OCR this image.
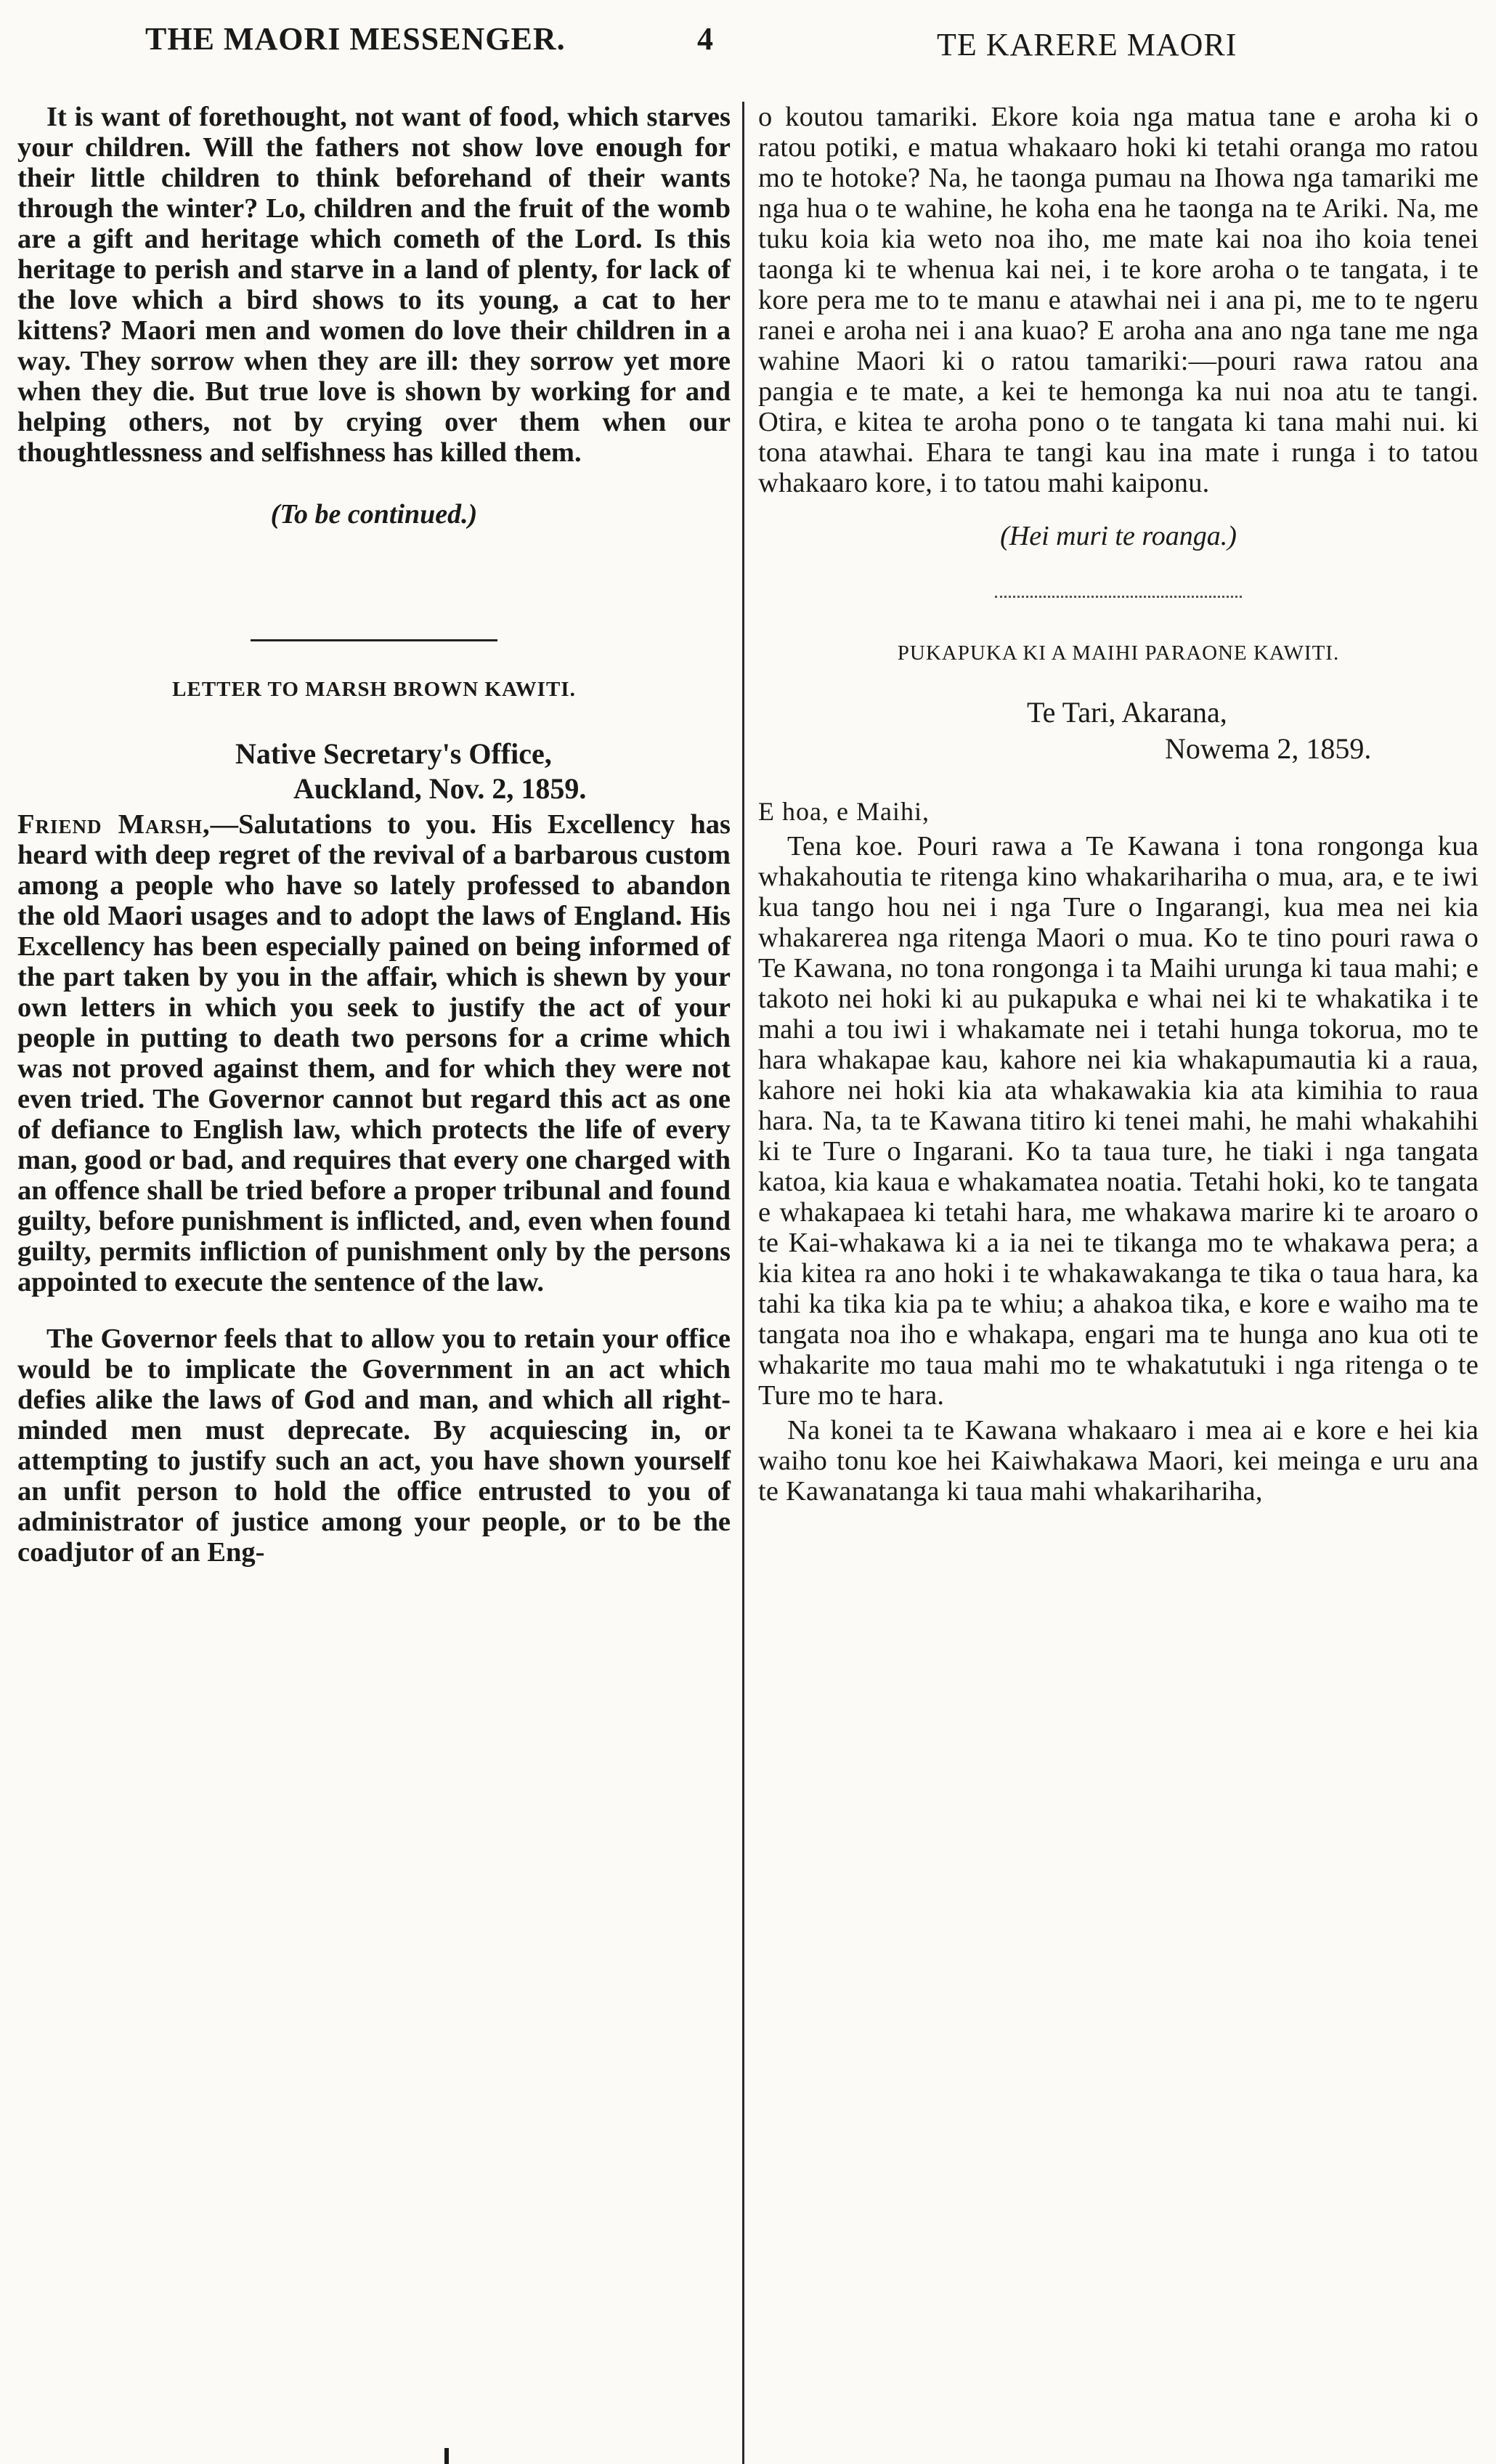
THE MAORI MESSENGER.	4	TE KARERE MAORI

It is want of forethought, not want of food, which starves your children. Will the fathers not show love enough for their little children to think beforehand of their wants through the winter? Lo, children and the fruit of the womb are a gift and heritage which cometh of the Lord. Is this heritage to perish and starve in a land of plenty, for lack of the love which a bird shows to its young, a cat to her kittens? Maori men and women do love their children in a way. They sorrow when they are ill: they sorrow yet more when they die. But true love is shown by working for and helping others, not by crying over them when our thoughtlessness and selfishness has killed them.

(To be continued.)

LETTER TO MARSH BROWN KAWITI.

Native Secretary's Office,
Auckland, Nov. 2, 1859.

Friend Marsh,—Salutations to you. His Excellency has heard with deep regret of the revival of a barbarous custom among a people who have so lately professed to abandon the old Maori usages and to adopt the laws of England. His Excellency has been especially pained on being informed of the part taken by you in the affair, which is shewn by your own letters in which you seek to justify the act of your people in putting to death two persons for a crime which was not proved against them, and for which they were not even tried. The Governor cannot but regard this act as one of defiance to English law, which protects the life of every man, good or bad, and requires that every one charged with an offence shall be tried before a proper tribunal and found guilty, before punishment is inflicted, and, even when found guilty, permits infliction of punishment only by the persons appointed to execute the sentence of the law.

The Governor feels that to allow you to retain your office would be to implicate the Government in an act which defies alike the laws of God and man, and which all right-minded men must deprecate. By acquiescing in, or attempting to justify such an act, you have shown yourself an unfit person to hold the office entrusted to you of administrator of justice among your people, or to be the coadjutor of an Eng-

o koutou tamariki. Ekore koia nga matua tane e aroha ki o ratou potiki, e matua whakaaro hoki ki tetahi oranga mo ratou mo te hotoke? Na, he taonga pumau na Ihowa nga tamariki me nga hua o te wahine, he koha ena he taonga na te Ariki. Na, me tuku koia kia weto noa iho, me mate kai noa iho koia tenei taonga ki te whenua kai nei, i te kore aroha o te tangata, i te kore pera me to te manu e atawhai nei i ana pi, me to te ngeru ranei e aroha nei i ana kuao? E aroha ana ano nga tane me nga wahine Maori ki o ratou tamariki:—pouri rawa ratou ana pangia e te mate, a kei te hemonga ka nui noa atu te tangi. Otira, e kitea te aroha pono o te tangata ki tana mahi nui. ki tona atawhai. Ehara te tangi kau ina mate i runga i to tatou whakaaro kore, i to tatou mahi kaiponu.

(Hei muri te roanga.)

PUKAPUKA KI A MAIHI PARAONE KAWITI.

Te Tari, Akarana,
Nowema 2, 1859.

E hoa, e Maihi,

Tena koe. Pouri rawa a Te Kawana i tona rongonga kua whakahoutia te ritenga kino whakarihariha o mua, ara, e te iwi kua tango hou nei i nga Ture o Ingarangi, kua mea nei kia whakarerea nga ritenga Maori o mua. Ko te tino pouri rawa o Te Kawana, no tona rongonga i ta Maihi urunga ki taua mahi; e takoto nei hoki ki au pukapuka e whai nei ki te whakatika i te mahi a tou iwi i whakamate nei i tetahi hunga tokorua, mo te hara whakapae kau, kahore nei kia whakapumautia ki a raua, kahore nei hoki kia ata whakawakia kia ata kimihia to raua hara. Na, ta te Kawana titiro ki tenei mahi, he mahi whakahihi ki te Ture o Ingarani. Ko ta taua ture, he tiaki i nga tangata katoa, kia kaua e whakamatea noatia. Tetahi hoki, ko te tangata e whakapaea ki tetahi hara, me whakawa marire ki te aroaro o te Kai-whakawa ki a ia nei te tikanga mo te whakawa pera; a kia kitea ra ano hoki i te whakawakanga te tika o taua hara, ka tahi ka tika kia pa te whiu; a ahakoa tika, e kore e waiho ma te tangata noa iho e whakapa, engari ma te hunga ano kua oti te whakarite mo taua mahi mo te whakatutuki i nga ritenga o te Ture mo te hara.

Na konei ta te Kawana whakaaro i mea ai e kore e hei kia waiho tonu koe hei Kaiwhakawa Maori, kei meinga e uru ana te Kawanatanga ki taua mahi whakarihariha,
